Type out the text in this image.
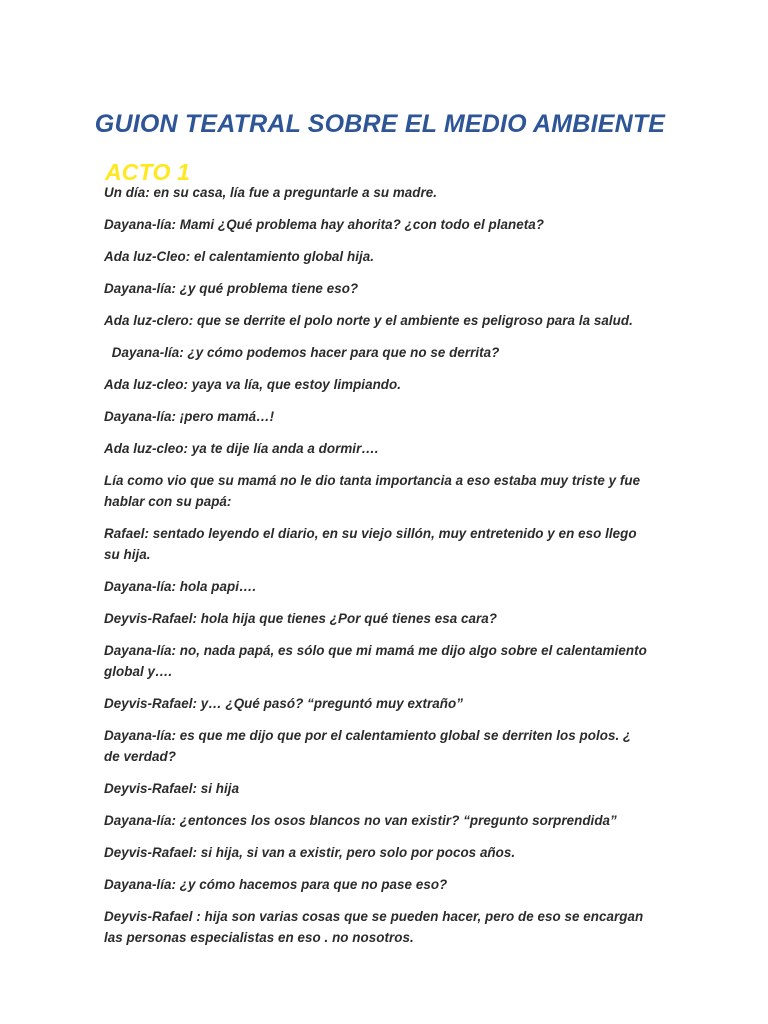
GUION TEATRAL SOBRE EL MEDIO AMBIENTE
ACTO 1

Un día: en su casa, lía fue a preguntarle a su madre.

Dayana-lía: Mami ¿Qué problema hay ahorita? ¿con todo el planeta?

Ada luz-Cleo: el calentamiento global hija.

Dayana-lía: ¿y qué problema tiene eso?

Ada luz-clero: que se derrite el polo norte y el ambiente es peligroso para la salud.

Dayana-lía: ¿y cómo podemos hacer para que no se derrita?

Ada luz-cleo: yaya va lía, que estoy limpiando.

Dayana-lía: ¡pero mamá…!

Ada luz-cleo: ya te dije lía anda a dormir….

Lía como vio que su mamá no le dio tanta importancia a eso estaba muy triste y fue hablar con su papá:

Rafael: sentado leyendo el diario, en su viejo sillón, muy entretenido y en eso llego su hija.

Dayana-lía: hola papi….

Deyvis-Rafael: hola hija que tienes ¿Por qué tienes esa cara?

Dayana-lía: no, nada papá, es sólo que mi mamá me dijo algo sobre el calentamiento global y….

Deyvis-Rafael: y… ¿Qué pasó? “preguntó muy extraño”

Dayana-lía: es que me dijo que por el calentamiento global se derriten los polos. ¿ de verdad?

Deyvis-Rafael: si hija

Dayana-lía: ¿entonces los osos blancos no van existir? “pregunto sorprendida”

Deyvis-Rafael: si hija, si van a existir, pero solo por pocos años.

Dayana-lía: ¿y cómo hacemos para que no pase eso?

Deyvis-Rafael : hija son varias cosas que se pueden hacer, pero de eso se encargan las personas especialistas en eso . no nosotros.
